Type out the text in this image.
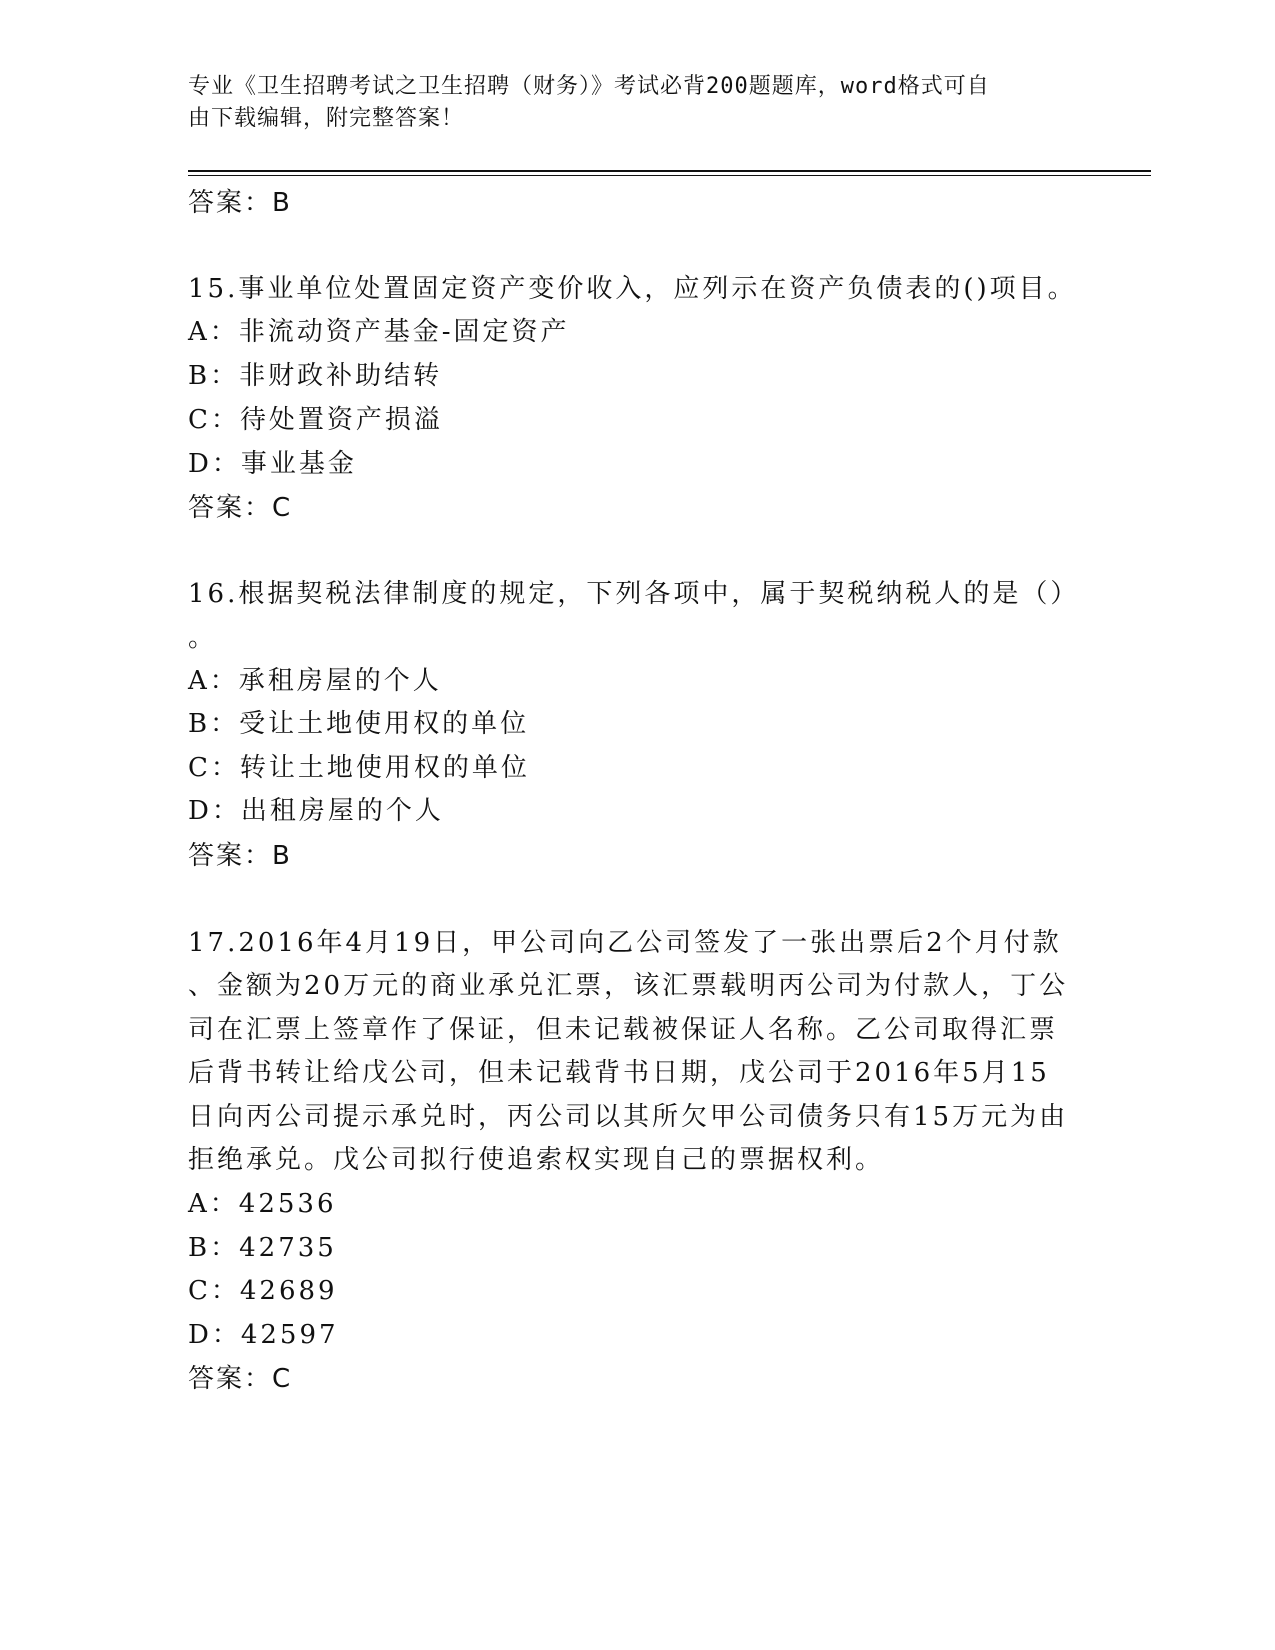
专业《卫生招聘考试之卫生招聘（财务）》考试必背200题题库，word格式可自
由下载编辑，附完整答案！
答案：B
15.事业单位处置固定资产变价收入，应列示在资产负债表的()项目。
A：非流动资产基金-固定资产
B：非财政补助结转
C：待处置资产损溢
D：事业基金
答案：C
16.根据契税法律制度的规定，下列各项中，属于契税纳税人的是（）
。
A：承租房屋的个人
B：受让土地使用权的单位
C：转让土地使用权的单位
D：出租房屋的个人
答案：B
17.2016年4月19日，甲公司向乙公司签发了一张出票后2个月付款
、金额为20万元的商业承兑汇票，该汇票载明丙公司为付款人，丁公
司在汇票上签章作了保证，但未记载被保证人名称。乙公司取得汇票
后背书转让给戊公司，但未记载背书日期，戊公司于2016年5月15
日向丙公司提示承兑时，丙公司以其所欠甲公司债务只有15万元为由
拒绝承兑。戊公司拟行使追索权实现自己的票据权利。
A：42536
B：42735
C：42689
D：42597
答案：C
